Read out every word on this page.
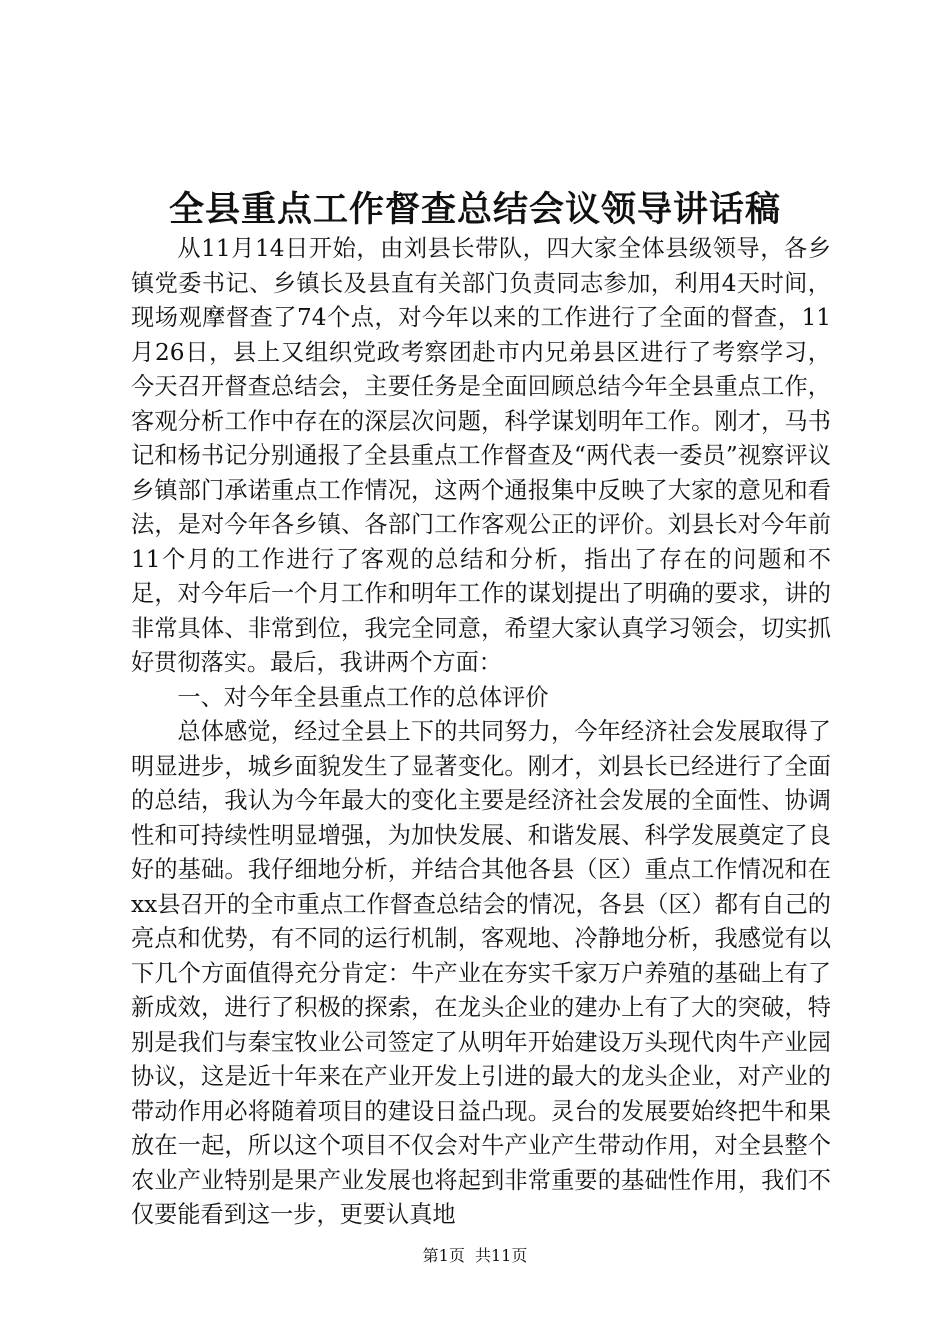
全县重点工作督查总结会议领导讲话稿

从11月14日开始，由刘县长带队，四大家全体县级领导，各乡镇党委书记、乡镇长及县直有关部门负责同志参加，利用4天时间，现场观摩督查了74个点，对今年以来的工作进行了全面的督查，11月26日，县上又组织党政考察团赴市内兄弟县区进行了考察学习，今天召开督查总结会，主要任务是全面回顾总结今年全县重点工作，客观分析工作中存在的深层次问题，科学谋划明年工作。刚才，马书记和杨书记分别通报了全县重点工作督查及“两代表一委员”视察评议乡镇部门承诺重点工作情况，这两个通报集中反映了大家的意见和看法，是对今年各乡镇、各部门工作客观公正的评价。刘县长对今年前11个月的工作进行了客观的总结和分析，指出了存在的问题和不足，对今年后一个月工作和明年工作的谋划提出了明确的要求，讲的非常具体、非常到位，我完全同意，希望大家认真学习领会，切实抓好贯彻落实。最后，我讲两个方面：

一、对今年全县重点工作的总体评价

总体感觉，经过全县上下的共同努力，今年经济社会发展取得了明显进步，城乡面貌发生了显著变化。刚才，刘县长已经进行了全面的总结，我认为今年最大的变化主要是经济社会发展的全面性、协调性和可持续性明显增强，为加快发展、和谐发展、科学发展奠定了良好的基础。我仔细地分析，并结合其他各县（区）重点工作情况和在xx县召开的全市重点工作督查总结会的情况，各县（区）都有自己的亮点和优势，有不同的运行机制，客观地、冷静地分析，我感觉有以下几个方面值得充分肯定：牛产业在夯实千家万户养殖的基础上有了新成效，进行了积极的探索，在龙头企业的建办上有了大的突破，特别是我们与秦宝牧业公司签定了从明年开始建设万头现代肉牛产业园协议，这是近十年来在产业开发上引进的最大的龙头企业，对产业的带动作用必将随着项目的建设日益凸现。灵台的发展要始终把牛和果放在一起，所以这个项目不仅会对牛产业产生带动作用，对全县整个农业产业特别是果产业发展也将起到非常重要的基础性作用，我们不仅要能看到这一步，更要认真地

第1页  共11页
